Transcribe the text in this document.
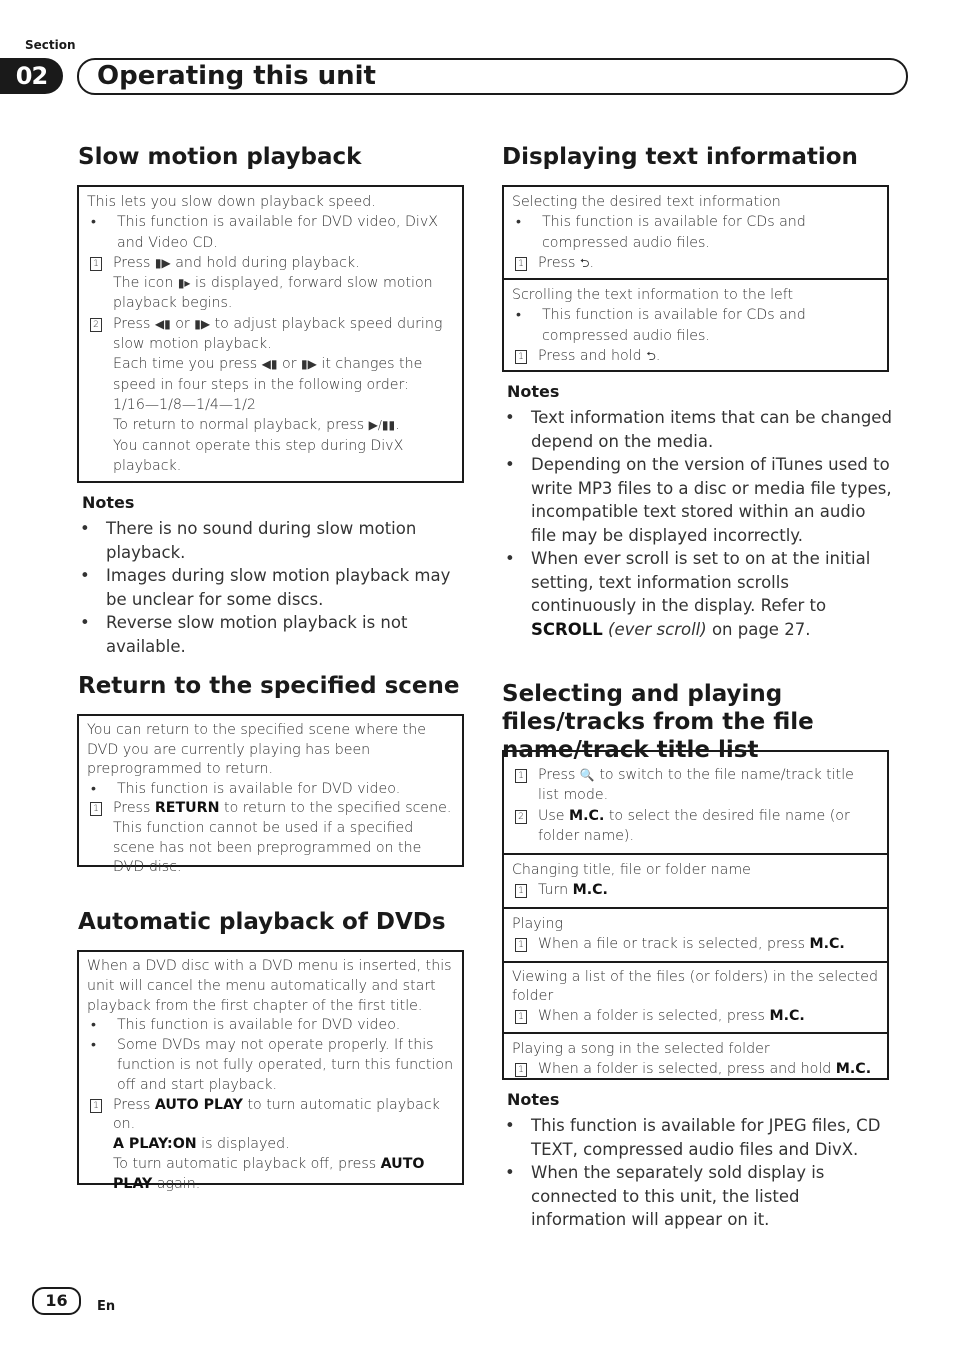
Section
02	Operating this unit
Slow motion playback
This lets you slow down playback speed.
•	This function is available for DVD video, DivX and Video CD.
1 Press ▮▶ and hold during playback.
The icon ▮▸ is displayed, forward slow motion playback begins.
2 Press ◀▮ or ▮▶ to adjust playback speed during slow motion playback.
Each time you press ◀▮ or ▮▶ it changes the speed in four steps in the following order:
1/16—1/8—1/4—1/2
To return to normal playback, press ▶/▮▮.
You cannot operate this step during DivX playback.
Notes
• There is no sound during slow motion playback.
• Images during slow motion playback may be unclear for some discs.
• Reverse slow motion playback is not available.
Return to the specified scene
You can return to the specified scene where the DVD you are currently playing has been preprogrammed to return.
•	This function is available for DVD video.
1 Press RETURN to return to the specified scene.
This function cannot be used if a specified scene has not been preprogrammed on the DVD disc.
Automatic playback of DVDs
When a DVD disc with a DVD menu is inserted, this unit will cancel the menu automatically and start playback from the first chapter of the first title.
•	This function is available for DVD video.
•	Some DVDs may not operate properly. If this function is not fully operated, turn this function off and start playback.
1 Press AUTO PLAY to turn automatic playback on.
A PLAY:ON is displayed.
To turn automatic playback off, press AUTO PLAY again.
Displaying text information
Selecting the desired text information
•	This function is available for CDs and compressed audio files.
1 Press ⮌.
Scrolling the text information to the left
•	This function is available for CDs and compressed audio files.
1 Press and hold ⮌.
Notes
• Text information items that can be changed depend on the media.
• Depending on the version of iTunes used to write MP3 files to a disc or media file types, incompatible text stored within an audio file may be displayed incorrectly.
• When ever scroll is set to on at the initial setting, text information scrolls continuously in the display. Refer to SCROLL (ever scroll) on page 27.
Selecting and playing files/tracks from the file name/track title list
1 Press 🔍 to switch to the file name/track title list mode.
2 Use M.C. to select the desired file name (or folder name).
Changing title, file or folder name
1 Turn M.C.
Playing
1 When a file or track is selected, press M.C.
Viewing a list of the files (or folders) in the selected folder
1 When a folder is selected, press M.C.
Playing a song in the selected folder
1 When a folder is selected, press and hold M.C.
Notes
• This function is available for JPEG files, CD TEXT, compressed audio files and DivX.
• When the separately sold display is connected to this unit, the listed information will appear on it.
16	En
